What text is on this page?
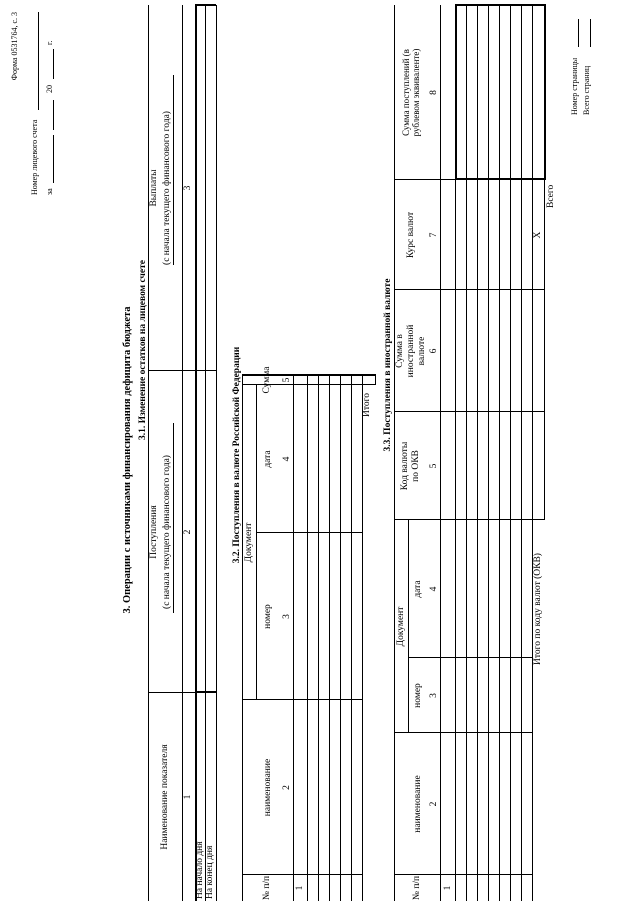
Форма 0531764, с. 3
Номер лицевого счета за
20
г.
3. Операции с источниками финансирования дефицита бюджета 3.1. Изменение остатков на лицевом счете
Наименование показателя
Поступления (с начала текущего финансового года)
Выплаты (с начала текущего финансового года)
1
2
3
На начало дня На конец дня
3.2. Поступления в валюте Российской Федерации
№ п/п
наименование
Документ
номер
дата
Сумма
2
3
4
5
1
Итого 3.3. Поступления в иностранной валюте
№ п/п
наименование
Документ
номер
дата
Код валюты по ОКВ
Сумма в иностранной валюте
Курс валют
Сумма поступлений (в рублевом эквиваленте)
2
3
4
5
6
7
8
1
Итого по коду валют (ОКВ)
X
Всего
Номер страницы Всего страниц
